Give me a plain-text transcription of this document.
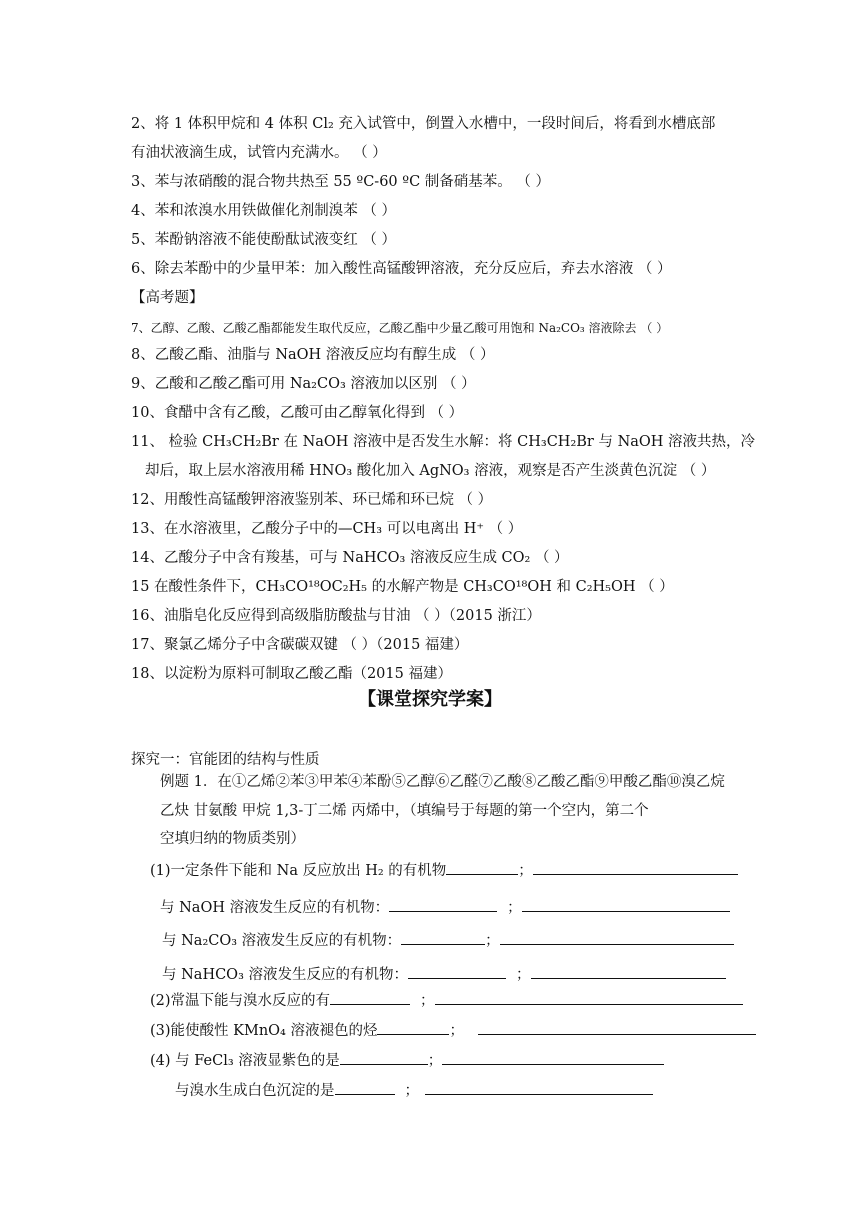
2、将 1 体积甲烷和 4 体积 Cl₂ 充入试管中，倒置入水槽中，一段时间后，将看到水槽底部
有油状液滴生成，试管内充满水。 （ ）
3、苯与浓硝酸的混合物共热至 55 ºC-60 ºC 制备硝基苯。 （ ）
4、苯和浓溴水用铁做催化剂制溴苯 （ ）
5、苯酚钠溶液不能使酚酞试液变红 （ ）
6、除去苯酚中的少量甲苯：加入酸性高锰酸钾溶液，充分反应后，弃去水溶液 （ ）
【高考题】
7、乙醇、乙酸、乙酸乙酯都能发生取代反应，乙酸乙酯中少量乙酸可用饱和 Na₂CO₃ 溶液除去 （ ）
8、乙酸乙酯、油脂与 NaOH 溶液反应均有醇生成 （ ）
9、乙酸和乙酸乙酯可用 Na₂CO₃ 溶液加以区别 （ ）
10、食醋中含有乙酸，乙酸可由乙醇氧化得到 （ ）
11、 检验 CH₃CH₂Br 在 NaOH 溶液中是否发生水解：将 CH₃CH₂Br 与 NaOH 溶液共热，冷
却后，取上层水溶液用稀 HNO₃ 酸化加入 AgNO₃ 溶液，观察是否产生淡黄色沉淀 （ ）
12、用酸性高锰酸钾溶液鉴别苯、环已烯和环已烷 （ ）
13、在水溶液里，乙酸分子中的—CH₃ 可以电离出 H⁺ （ ）
14、乙酸分子中含有羧基，可与 NaHCO₃ 溶液反应生成 CO₂ （ ）
15 在酸性条件下，CH₃CO¹⁸OC₂H₅ 的水解产物是 CH₃CO¹⁸OH 和 C₂H₅OH （ ）
16、油脂皂化反应得到高级脂肪酸盐与甘油 （ ）（2015 浙江）
17、聚氯乙烯分子中含碳碳双键 （ ）（2015 福建）
18、以淀粉为原料可制取乙酸乙酯（2015 福建）
【课堂探究学案】
探究一：官能团的结构与性质
例题 1．在①乙烯②苯③甲苯④苯酚⑤乙醇⑥乙醛⑦乙酸⑧乙酸乙酯⑨甲酸乙酯⑩溴乙烷
乙炔 甘氨酸 甲烷 1,3-丁二烯 丙烯中，（填编号于每题的第一个空内，第二个
空填归纳的物质类别）
(1)一定条件下能和 Na 反应放出 H₂ 的有机物	；
与 NaOH 溶液发生反应的有机物：	；
与 Na₂CO₃ 溶液发生反应的有机物：	；
与 NaHCO₃ 溶液发生反应的有机物：	；
(2)常温下能与溴水反应的有	；
(3)能使酸性 KMnO₄ 溶液褪色的烃	；
(4) 与 FeCl₃ 溶液显紫色的是	；
与溴水生成白色沉淀的是	；
